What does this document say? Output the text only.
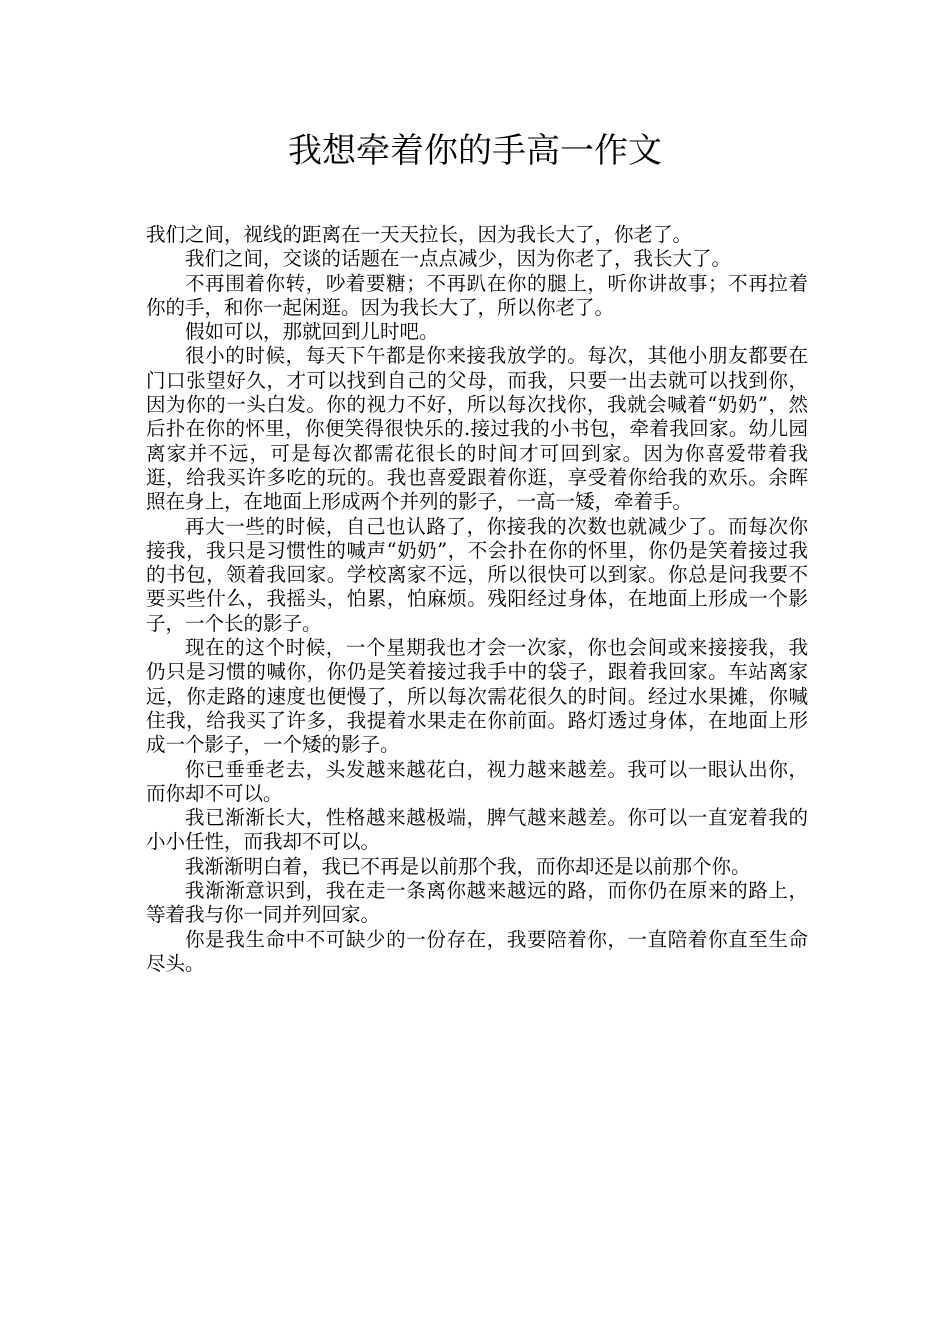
我想牵着你的手高一作文

我们之间，视线的距离在一天天拉长，因为我长大了，你老了。

我们之间，交谈的话题在一点点减少，因为你老了，我长大了。

不再围着你转，吵着要糖；不再趴在你的腿上，听你讲故事；不再拉着你的手，和你一起闲逛。因为我长大了，所以你老了。

假如可以，那就回到儿时吧。

很小的时候，每天下午都是你来接我放学的。每次，其他小朋友都要在门口张望好久，才可以找到自己的父母，而我，只要一出去就可以找到你，因为你的一头白发。你的视力不好，所以每次找你，我就会喊着“奶奶”，然后扑在你的怀里，你便笑得很快乐的.接过我的小书包，牵着我回家。幼儿园离家并不远，可是每次都需花很长的时间才可回到家。因为你喜爱带着我逛，给我买许多吃的玩的。我也喜爱跟着你逛，享受着你给我的欢乐。余晖照在身上，在地面上形成两个并列的影子，一高一矮，牵着手。

再大一些的时候，自己也认路了，你接我的次数也就减少了。而每次你接我，我只是习惯性的喊声“奶奶”，不会扑在你的怀里，你仍是笑着接过我的书包，领着我回家。学校离家不远，所以很快可以到家。你总是问我要不要买些什么，我摇头，怕累，怕麻烦。残阳经过身体，在地面上形成一个影子，一个长的影子。

现在的这个时候，一个星期我也才会一次家，你也会间或来接接我，我仍只是习惯的喊你，你仍是笑着接过我手中的袋子，跟着我回家。车站离家远，你走路的速度也便慢了，所以每次需花很久的时间。经过水果摊，你喊住我，给我买了许多，我提着水果走在你前面。路灯透过身体，在地面上形成一个影子，一个矮的影子。

你已垂垂老去，头发越来越花白，视力越来越差。我可以一眼认出你，而你却不可以。

我已渐渐长大，性格越来越极端，脾气越来越差。你可以一直宠着我的小小任性，而我却不可以。

我渐渐明白着，我已不再是以前那个我，而你却还是以前那个你。

我渐渐意识到，我在走一条离你越来越远的路，而你仍在原来的路上，等着我与你一同并列回家。

你是我生命中不可缺少的一份存在，我要陪着你，一直陪着你直至生命尽头。
